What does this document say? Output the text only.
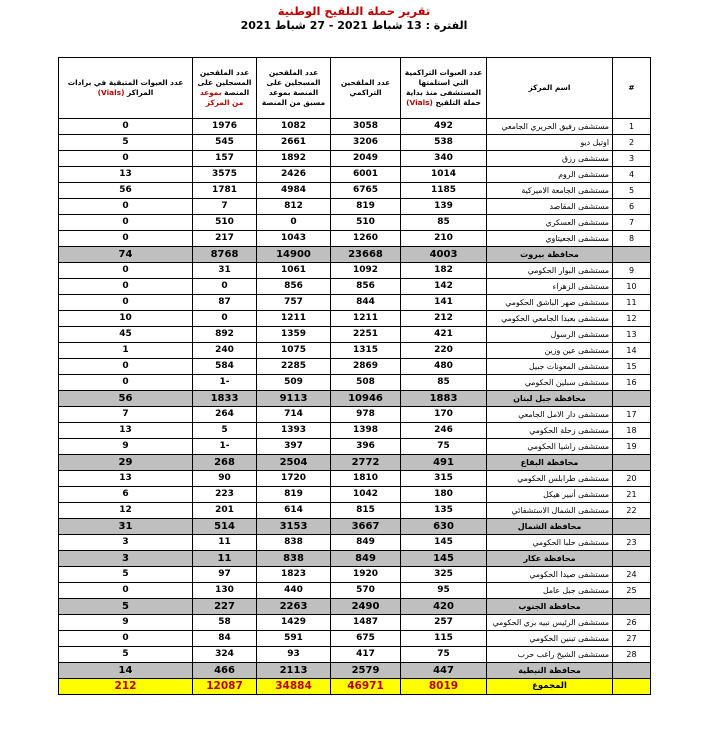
تقرير حملة التلقيح الوطنية
الفترة : 13 شباط 2021 - 27 شباط 2021
#	اسم المركز	عدد العبوات التراكمية التي استلمتها المستشفى منذ بداية حملة التلقيح (Vials)	عدد الملقحين التراكمي	عدد الملقحين المسجلين على المنصة بموعد مسبق من المنصة	عدد الملقحين المسجلين على المنصة بموعد من المركز	عدد العبوات المتبقية في برادات المراكز (Vials)
1	مستشفى رفيق الحريري الجامعي	492	3058	1082	1976	0
2	اوتيل ديو	538	3206	2661	545	5
3	مستشفى رزق	340	2049	1892	157	0
4	مستشفى الروم	1014	6001	2426	3575	13
5	مستشفى الجامعة الاميركية	1185	6765	4984	1781	56
6	مستشفى المقاصد	139	819	812	7	0
7	مستشفى العسكري	85	510	0	510	0
8	مستشفى الجعيتاوي	210	1260	1043	217	0
	محافظة بيروت	4003	23668	14900	8768	74
9	مستشفى البوار الحكومي	182	1092	1061	31	0
10	مستشفى الزهراء	142	856	856	0	0
11	مستشفى ضهر الباشق الحكومي	141	844	757	87	0
12	مستشفى بعبدا الجامعي الحكومي	212	1211	1211	0	10
13	مستشفى الرسول	421	2251	1359	892	45
14	مستشفى عين وزين	220	1315	1075	240	1
15	مستشفى المعونات جبيل	480	2869	2285	584	0
16	مستشفى سبلين الحكومي	85	508	509	-1	0
	محافظة جبل لبنان	1883	10946	9113	1833	56
17	مستشفى دار الامل الجامعي	170	978	714	264	7
18	مستشفى زحلة الحكومي	246	1398	1393	5	13
19	مستشفى راشيا الحكومي	75	396	397	-1	9
	محافظة البقاع	491	2772	2504	268	29
20	مستشفى طرابلس الحكومي	315	1810	1720	90	13
21	مستشفى أنبير هيكل	180	1042	819	223	6
22	مستشفى الشمال الاستشفائي	135	815	614	201	12
	محافظة الشمال	630	3667	3153	514	31
23	مستشفى حلبا الحكومي	145	849	838	11	3
	محافظة عكار	145	849	838	11	3
24	مستشفى صيدا الحكومي	325	1920	1823	97	5
25	مستشفى جبل عامل	95	570	440	130	0
	محافظة الجنوب	420	2490	2263	227	5
26	مستشفى الرئيس نبيه بري الحكومي	257	1487	1429	58	9
27	مستشفى تبنين الحكومي	115	675	591	84	0
28	مستشفى الشيخ راغب حرب	75	417	93	324	5
	محافظة النبطية	447	2579	2113	466	14
	المجموع	8019	46971	34884	12087	212
